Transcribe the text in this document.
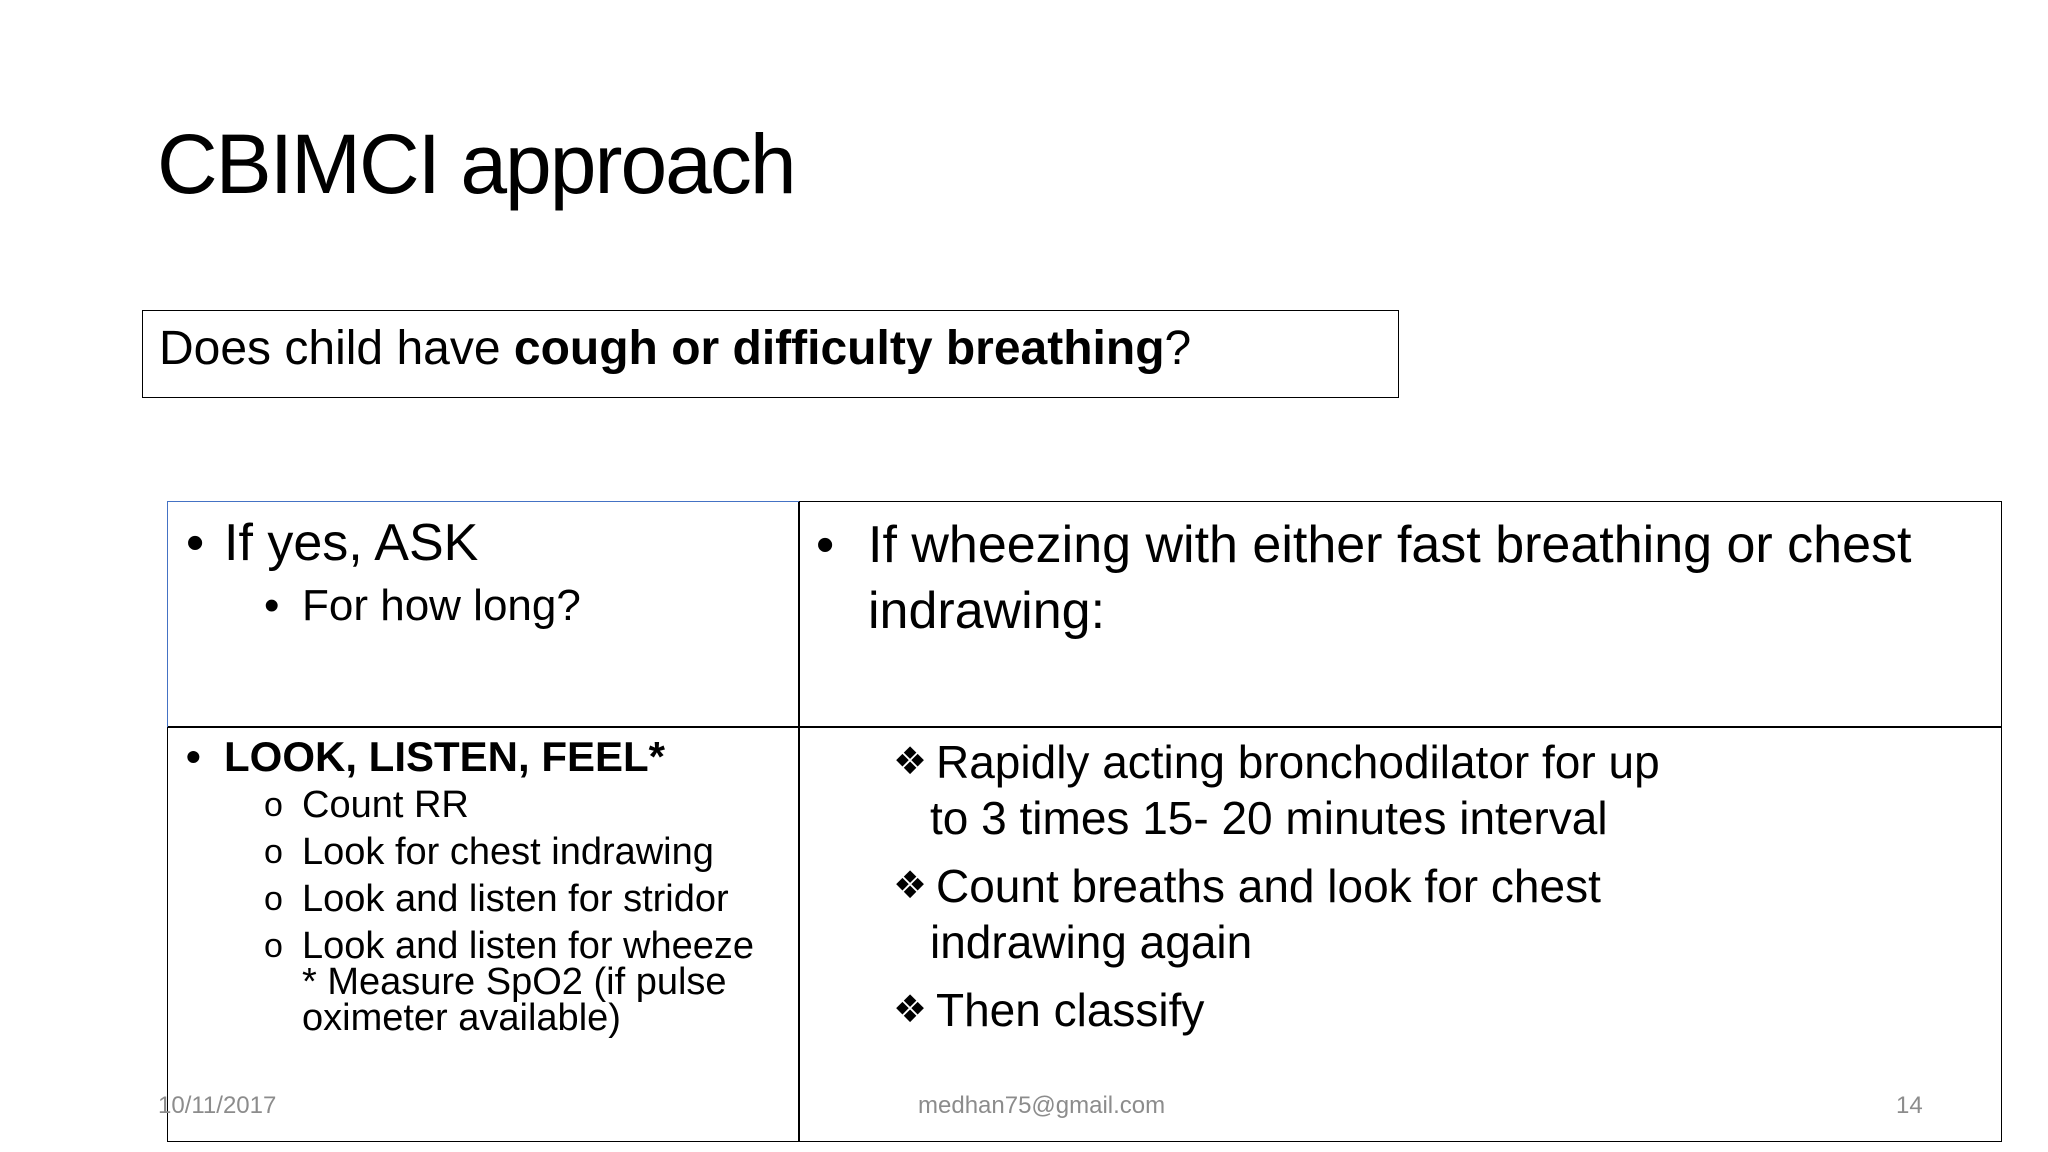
CBIMCI approach
Does child have cough or difficulty breathing?
• If yes, ASK
• For how long?
• If wheezing with either fast breathing or chest indrawing:
• LOOK, LISTEN, FEEL*
o Count RR
o Look for chest indrawing
o Look and listen for stridor
o Look and listen for wheeze
* Measure SpO2 (if pulse
oximeter available)
❖ Rapidly acting bronchodilator for up
to 3 times 15- 20 minutes interval
❖ Count breaths and look for chest
indrawing again
❖ Then classify
10/11/2017	medhan75@gmail.com	14
